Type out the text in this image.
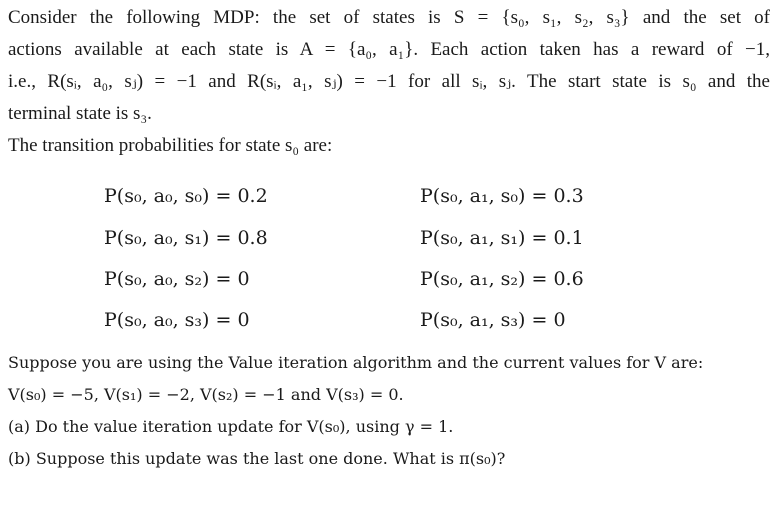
Consider the following MDP: the set of states is S = {s₀, s₁, s₂, s₃} and the set of
actions available at each state is A = {a₀, a₁}. Each action taken has a reward of −1,
i.e., R(sᵢ, a₀, sⱼ) = −1 and R(sᵢ, a₁, sⱼ) = −1 for all sᵢ, sⱼ. The start state is s₀ and the
terminal state is s₃.
The transition probabilities for state s₀ are:
P(s₀, a₀, s₀) = 0.2
P(s₀, a₀, s₁) = 0.8
P(s₀, a₀, s₂) = 0
P(s₀, a₀, s₃) = 0
P(s₀, a₁, s₀) = 0.3
P(s₀, a₁, s₁) = 0.1
P(s₀, a₁, s₂) = 0.6
P(s₀, a₁, s₃) = 0
Suppose you are using the Value iteration algorithm and the current values for V are:
V(s₀) = −5, V(s₁) = −2, V(s₂) = −1 and V(s₃) = 0.
(a) Do the value iteration update for V(s₀), using γ = 1.
(b) Suppose this update was the last one done. What is π(s₀)?
